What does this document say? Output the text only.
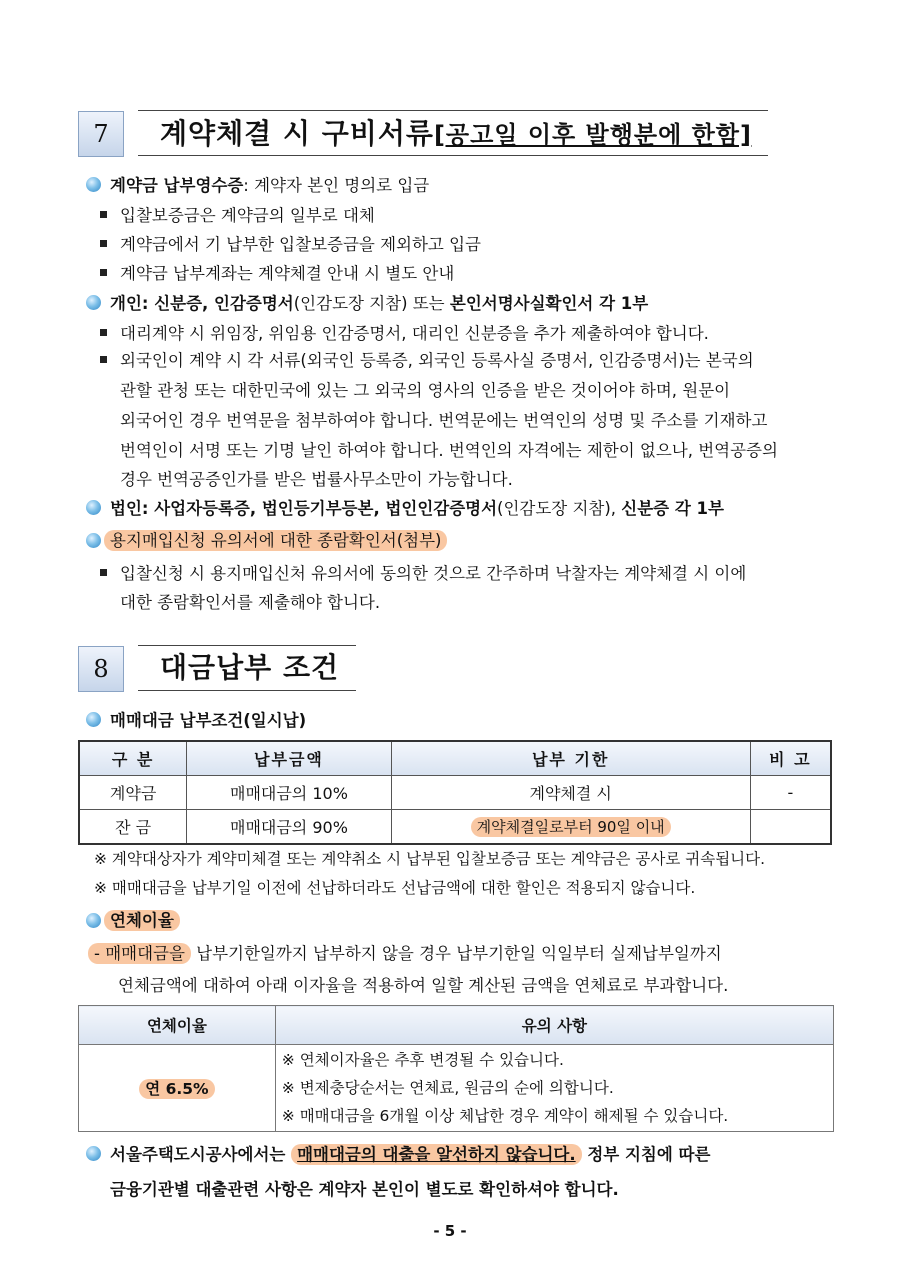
7	계약체결 시 구비서류[공고일 이후 발행분에 한함]
계약금 납부영수증: 계약자 본인 명의로 입금
입찰보증금은 계약금의 일부로 대체
계약금에서 기 납부한 입찰보증금을 제외하고 입금
계약금 납부계좌는 계약체결 안내 시 별도 안내
개인: 신분증, 인감증명서(인감도장 지참) 또는 본인서명사실확인서 각 1부
대리계약 시 위임장, 위임용 인감증명서, 대리인 신분증을 추가 제출하여야 합니다.
외국인이 계약 시 각 서류(외국인 등록증, 외국인 등록사실 증명서, 인감증명서)는 본국의
관할 관청 또는 대한민국에 있는 그 외국의 영사의 인증을 받은 것이어야 하며, 원문이
외국어인 경우 번역문을 첨부하여야 합니다. 번역문에는 번역인의 성명 및 주소를 기재하고
번역인이 서명 또는 기명 날인 하여야 합니다. 번역인의 자격에는 제한이 없으나, 번역공증의
경우 번역공증인가를 받은 법률사무소만이 가능합니다.
법인: 사업자등록증, 법인등기부등본, 법인인감증명서(인감도장 지참), 신분증 각 1부
용지매입신청 유의서에 대한 종람확인서(첨부)
입찰신청 시 용지매입신처 유의서에 동의한 것으로 간주하며 낙찰자는 계약체결 시 이에
대한 종람확인서를 제출해야 합니다.
8	대금납부 조건
매매대금 납부조건(일시납)
구 분	납부금액	납부 기한	비 고
계약금	매매대금의 10%	계약체결 시	-
잔 금	매매대금의 90%	계약체결일로부터 90일 이내	
※ 계약대상자가 계약미체결 또는 계약취소 시 납부된 입찰보증금 또는 계약금은 공사로 귀속됩니다.
※ 매매대금을 납부기일 이전에 선납하더라도 선납금액에 대한 할인은 적용되지 않습니다.
연체이율
- 매매대금을 납부기한일까지 납부하지 않을 경우 납부기한일 익일부터 실제납부일까지
연체금액에 대하여 아래 이자율을 적용하여 일할 계산된 금액을 연체료로 부과합니다.
연체이율	유의 사항
연 6.5%	※ 연체이자율은 추후 변경될 수 있습니다.
※ 변제충당순서는 연체료, 원금의 순에 의합니다.
※ 매매대금을 6개월 이상 체납한 경우 계약이 해제될 수 있습니다.
서울주택도시공사에서는 매매대금의 대출을 알선하지 않습니다. 정부 지침에 따른
금융기관별 대출관련 사항은 계약자 본인이 별도로 확인하셔야 합니다.
- 5 -
